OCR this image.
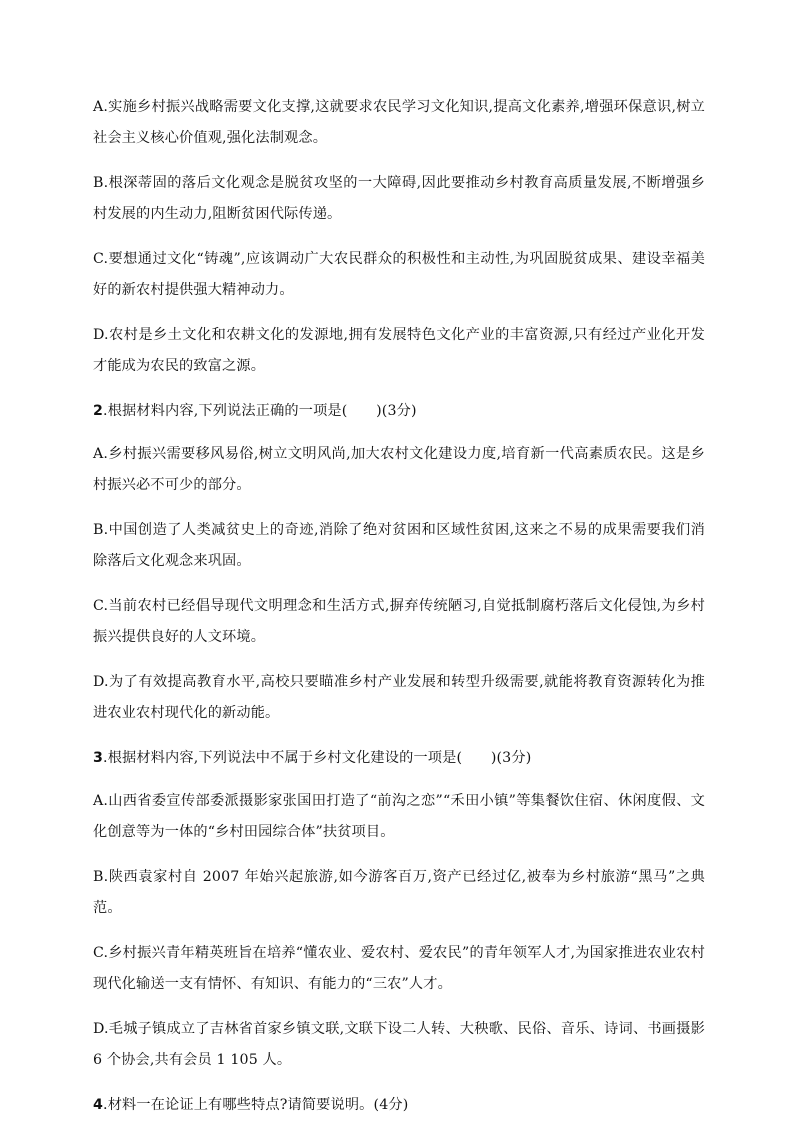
A.实施乡村振兴战略需要文化支撑,这就要求农民学习文化知识,提高文化素养,增强环保意识,树立社会主义核心价值观,强化法制观念。

B.根深蒂固的落后文化观念是脱贫攻坚的一大障碍,因此要推动乡村教育高质量发展,不断增强乡村发展的内生动力,阻断贫困代际传递。

C.要想通过文化“铸魂”,应该调动广大农民群众的积极性和主动性,为巩固脱贫成果、建设幸福美好的新农村提供强大精神动力。

D.农村是乡土文化和农耕文化的发源地,拥有发展特色文化产业的丰富资源,只有经过产业化开发才能成为农民的致富之源。

2.根据材料内容,下列说法正确的一项是(　　)(3分)

A.乡村振兴需要移风易俗,树立文明风尚,加大农村文化建设力度,培育新一代高素质农民。这是乡村振兴必不可少的部分。

B.中国创造了人类减贫史上的奇迹,消除了绝对贫困和区域性贫困,这来之不易的成果需要我们消除落后文化观念来巩固。

C.当前农村已经倡导现代文明理念和生活方式,摒弃传统陋习,自觉抵制腐朽落后文化侵蚀,为乡村振兴提供良好的人文环境。

D.为了有效提高教育水平,高校只要瞄准乡村产业发展和转型升级需要,就能将教育资源转化为推进农业农村现代化的新动能。

3.根据材料内容,下列说法中不属于乡村文化建设的一项是(　　)(3分)

A.山西省委宣传部委派摄影家张国田打造了“前沟之恋”“禾田小镇”等集餐饮住宿、休闲度假、文化创意等为一体的“乡村田园综合体”扶贫项目。

B.陕西袁家村自 2007 年始兴起旅游,如今游客百万,资产已经过亿,被奉为乡村旅游“黑马”之典范。

C.乡村振兴青年精英班旨在培养“懂农业、爱农村、爱农民”的青年领军人才,为国家推进农业农村现代化输送一支有情怀、有知识、有能力的“三农”人才。

D.毛城子镇成立了吉林省首家乡镇文联,文联下设二人转、大秧歌、民俗、音乐、诗词、书画摄影 6 个协会,共有会员 1 105 人。

4.材料一在论证上有哪些特点?请简要说明。(4分)
